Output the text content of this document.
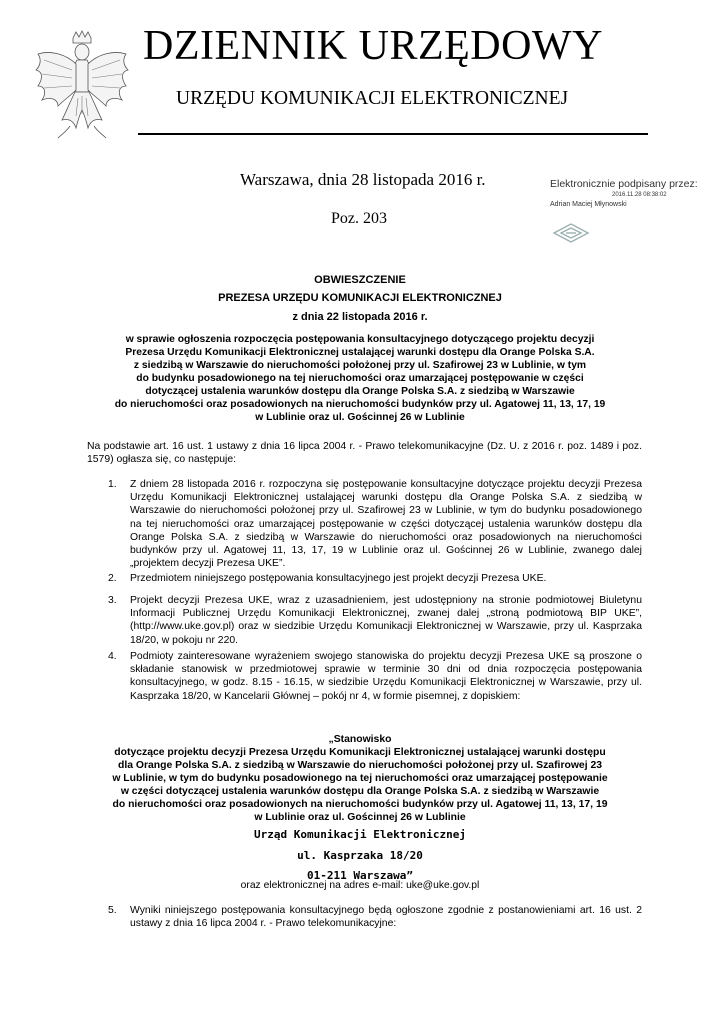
DZIENNIK URZĘDOWY
URZĘDU KOMUNIKACJI ELEKTRONICZNEJ
Warszawa, dnia 28 listopada 2016 r.
Poz. 203
Elektronicznie podpisany przez:
2016.11.28 08:38:02
Adrian Maciej Młynowski
OBWIESZCZENIE
PREZESA URZĘDU KOMUNIKACJI ELEKTRONICZNEJ
z dnia 22 listopada 2016 r.
w sprawie ogłoszenia rozpoczęcia postępowania konsultacyjnego dotyczącego projektu decyzji
Prezesa Urzędu Komunikacji Elektronicznej ustalającej warunki dostępu dla Orange Polska S.A.
z siedzibą w Warszawie do nieruchomości położonej przy ul. Szafirowej 23 w Lublinie, w tym
do budynku posadowionego na tej nieruchomości oraz umarzającej postępowanie w części
dotyczącej ustalenia warunków dostępu dla Orange Polska S.A. z siedzibą w Warszawie
do nieruchomości oraz posadowionych na nieruchomości budynków przy ul. Agatowej 11, 13, 17, 19
w Lublinie oraz ul. Gościnnej 26 w Lublinie
Na podstawie art. 16 ust. 1 ustawy z dnia 16 lipca 2004 r. - Prawo telekomunikacyjne (Dz. U. z 2016 r. poz. 1489 i poz. 1579) ogłasza się, co następuje:
1.	Z dniem 28 listopada 2016 r. rozpoczyna się postępowanie konsultacyjne dotyczące projektu decyzji Prezesa Urzędu Komunikacji Elektronicznej ustalającej warunki dostępu dla Orange Polska S.A. z siedzibą w Warszawie do nieruchomości położonej przy ul. Szafirowej 23 w Lublinie, w tym do budynku posadowionego na tej nieruchomości oraz umarzającej postępowanie w części dotyczącej ustalenia warunków dostępu dla Orange Polska S.A. z siedzibą w Warszawie do nieruchomości oraz posadowionych na nieruchomości budynków przy ul. Agatowej 11, 13, 17, 19 w Lublinie oraz ul. Gościnnej 26 w Lublinie, zwanego dalej „projektem decyzji Prezesa UKE”.
2.	Przedmiotem niniejszego postępowania konsultacyjnego jest projekt decyzji Prezesa UKE.
3.	Projekt decyzji Prezesa UKE, wraz z uzasadnieniem, jest udostępniony na stronie podmiotowej Biuletynu Informacji Publicznej Urzędu Komunikacji Elektronicznej, zwanej dalej „stroną podmiotową BIP UKE”, (http://www.uke.gov.pl) oraz w siedzibie Urzędu Komunikacji Elektronicznej w Warszawie, przy ul. Kasprzaka 18/20, w pokoju nr 220.
4.	Podmioty zainteresowane wyrażeniem swojego stanowiska do projektu decyzji Prezesa UKE są proszone o składanie stanowisk w przedmiotowej sprawie w terminie 30 dni od dnia rozpoczęcia postępowania konsultacyjnego, w godz. 8.15 - 16.15, w siedzibie Urzędu Komunikacji Elektronicznej w Warszawie, przy ul. Kasprzaka 18/20, w Kancelarii Głównej – pokój nr 4, w formie pisemnej, z dopiskiem:
„Stanowisko
dotyczące projektu decyzji Prezesa Urzędu Komunikacji Elektronicznej ustalającej warunki dostępu
dla Orange Polska S.A. z siedzibą w Warszawie do nieruchomości położonej przy ul. Szafirowej 23
w Lublinie, w tym do budynku posadowionego na tej nieruchomości oraz umarzającej postępowanie
w części dotyczącej ustalenia warunków dostępu dla Orange Polska S.A. z siedzibą w Warszawie
do nieruchomości oraz posadowionych na nieruchomości budynków przy ul. Agatowej 11, 13, 17, 19
w Lublinie oraz ul. Gościnnej 26 w Lublinie
Urząd Komunikacji Elektronicznej
ul. Kasprzaka 18/20
01-211 Warszawa”
oraz elektronicznej na adres e-mail: uke@uke.gov.pl
5.	Wyniki niniejszego postępowania konsultacyjnego będą ogłoszone zgodnie z postanowieniami art. 16 ust. 2 ustawy z dnia 16 lipca 2004 r. - Prawo telekomunikacyjne:
